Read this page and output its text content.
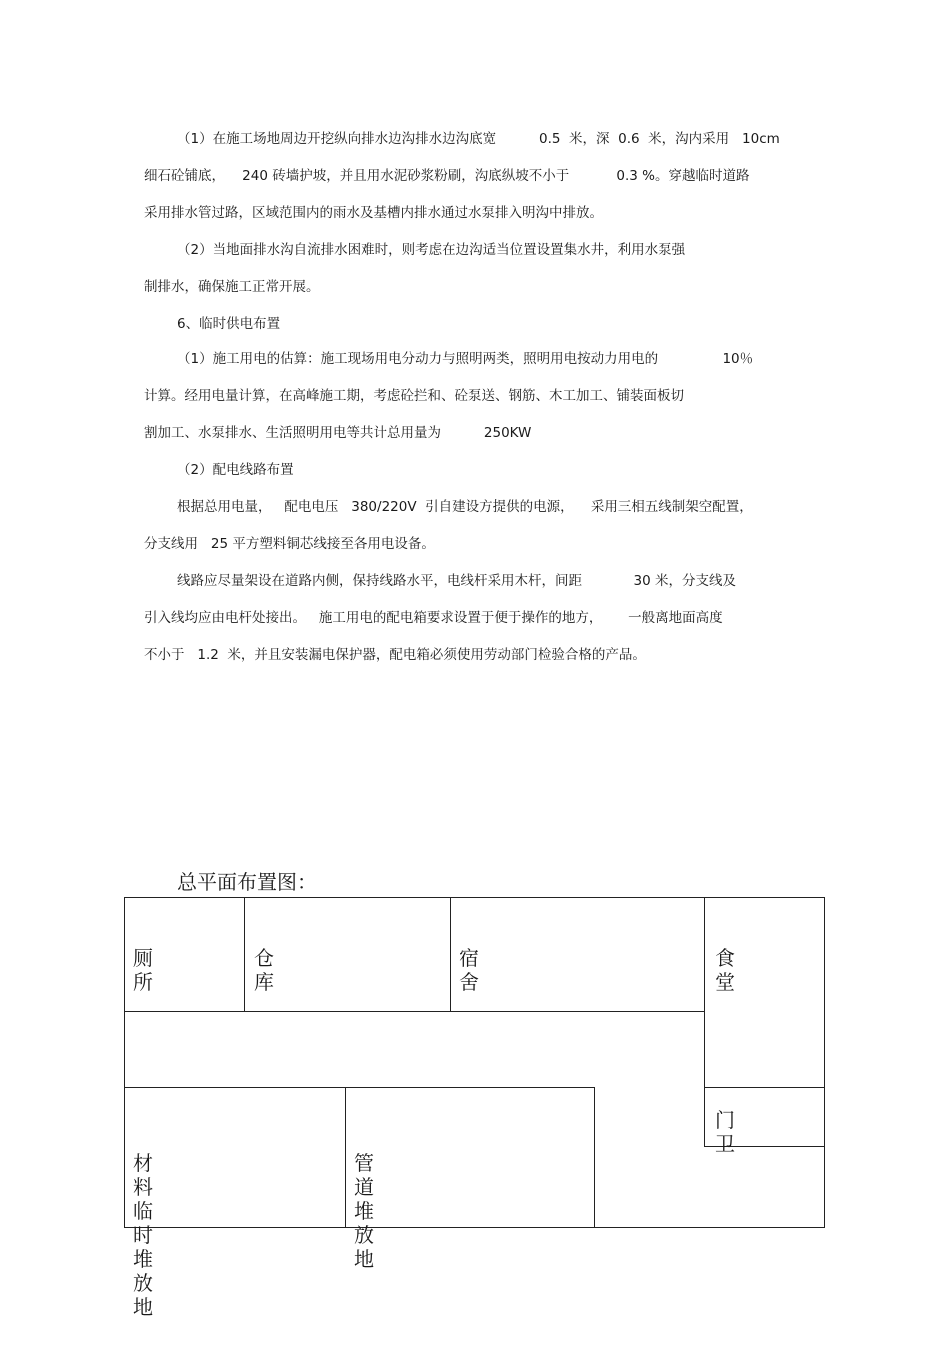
（1）在施工场地周边开挖纵向排水边沟排水边沟底宽          0.5  米，深  0.6  米，沟内采用   10cm
细石砼铺底，    240 砖墙护坡，并且用水泥砂浆粉刷，沟底纵坡不小于           0.3 %。穿越临时道路
采用排水管过路，区域范围内的雨水及基槽内排水通过水泵排入明沟中排放。
（2）当地面排水沟自流排水困难时，则考虑在边沟适当位置设置集水井，利用水泵强
制排水，确保施工正常开展。
6、临时供电布置
（1）施工用电的估算：施工现场用电分动力与照明两类，照明用电按动力用电的               10％
计算。经用电量计算，在高峰施工期，考虑砼拦和、砼泵送、钢筋、木工加工、铺装面板切
割加工、水泵排水、生活照明用电等共计总用量为          250KW
（2）配电线路布置
根据总用电量，   配电电压   380/220V  引自建设方提供的电源，    采用三相五线制架空配置，
分支线用   25 平方塑料铜芯线接至各用电设备。
线路应尽量架设在道路内侧，保持线路水平，电线杆采用木杆，间距            30 米，分支线及
引入线均应由电杆处接出。   施工用电的配电箱要求设置于便于操作的地方，      一般离地面高度
不小于   1.2  米，并且安装漏电保护器，配电箱必须使用劳动部门检验合格的产品。
总平面布置图：
厕所
仓库
宿舍
食堂
门卫
材料临时堆放地
管道堆放地
